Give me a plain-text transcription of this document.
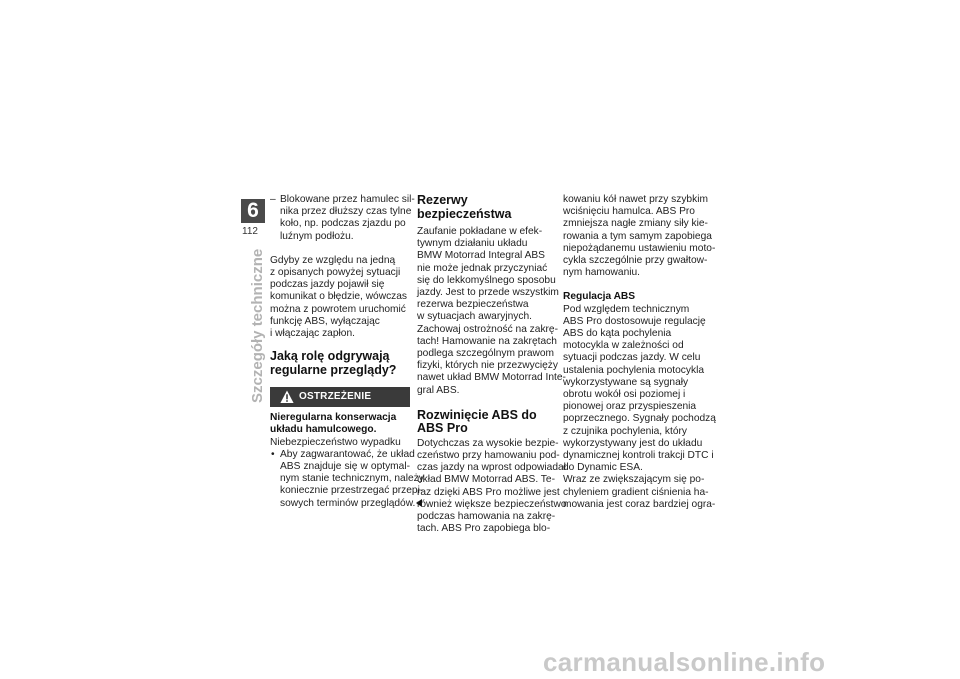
6
112
Szczegóły techniczne
– Blokowane przez hamulec sil-
nika przez dłuższy czas tylne
koło, np. podczas zjazdu po
luźnym podłożu.
Gdyby ze względu na jedną
z opisanych powyżej sytuacji
podczas jazdy pojawił się
komunikat o błędzie, wówczas
można z powrotem uruchomić
funkcję ABS, wyłączając
i włączając zapłon.
Jaką rolę odgrywają
regularne przeglądy?
OSTRZEŻENIE
Nieregularna konserwacja
układu hamulcowego.
Niebezpieczeństwo wypadku
• Aby zagwarantować, że układ
ABS znajduje się w optymal-
nym stanie technicznym, należy
koniecznie przestrzegać przepi-
sowych terminów przeglądów.
Rezerwy bezpieczeństwa
Zaufanie pokładane w efek-
tywnym działaniu układu
BMW Motorrad Integral ABS
nie może jednak przyczyniać
się do lekkomyślnego sposobu
jazdy. Jest to przede wszystkim
rezerwa bezpieczeństwa
w sytuacjach awaryjnych.
Zachowaj ostrożność na zakrę-
tach! Hamowanie na zakrętach
podlega szczególnym prawom
fizyki, których nie przezwycięży
nawet układ BMW Motorrad Inte-
gral ABS.
Rozwinięcie ABS do
ABS Pro
Dotychczas za wysokie bezpie-
czeństwo przy hamowaniu pod-
czas jazdy na wprost odpowiadał
układ BMW Motorrad ABS. Te-
raz dzięki ABS Pro możliwe jest
również większe bezpieczeństwo
podczas hamowania na zakrę-
tach. ABS Pro zapobiega blo-
kowaniu kół nawet przy szybkim
wciśnięciu hamulca. ABS Pro
zmniejsza nagłe zmiany siły kie-
rowania a tym samym zapobiega
niepożądanemu ustawieniu moto-
cykla szczególnie przy gwałtow-
nym hamowaniu.
Regulacja ABS
Pod względem technicznym
ABS Pro dostosowuje regulację
ABS do kąta pochylenia
motocykla w zależności od
sytuacji podczas jazdy. W celu
ustalenia pochylenia motocykla
wykorzystywane są sygnały
obrotu wokół osi poziomej i
pionowej oraz przyspieszenia
poprzecznego. Sygnały pochodzą
z czujnika pochylenia, który
wykorzystywany jest do układu
dynamicznej kontroli trakcji DTC i
do Dynamic ESA.
Wraz ze zwiększającym się po-
chyleniem gradient ciśnienia ha-
mowania jest coraz bardziej ogra-
carmanualsonline.info
